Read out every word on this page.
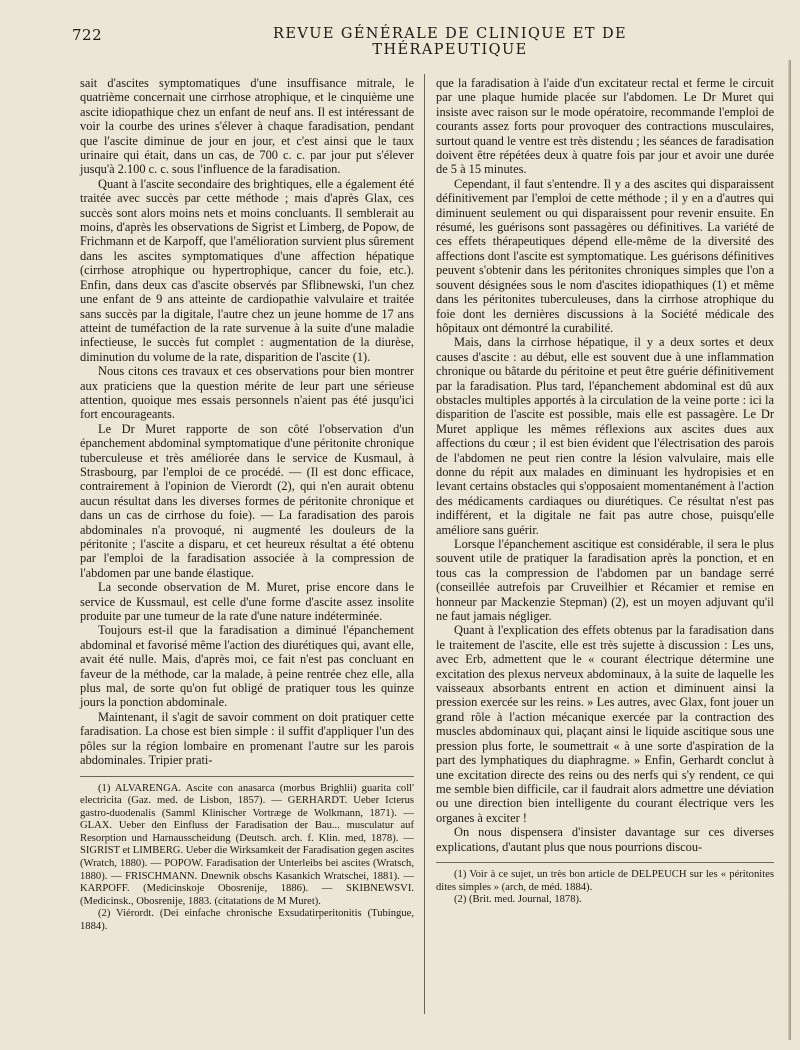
722	REVUE GÉNÉRALE DE CLINIQUE ET DE THÉRAPEUTIQUE

sait d'ascites symptomatiques d'une insuffisance mitrale, le quatrième concernait une cirrhose atrophique, et le cinquième une ascite idiopathique chez un enfant de neuf ans. Il est intéressant de voir la courbe des urines s'élever à chaque faradisation, pendant que l'ascite diminue de jour en jour, et c'est ainsi que le taux urinaire qui était, dans un cas, de 700 c. c. par jour put s'élever jusqu'à 2.100 c. c. sous l'influence de la faradisation.

Quant à l'ascite secondaire des brightiques, elle a également été traitée avec succès par cette méthode ; mais d'après Glax, ces succès sont alors moins nets et moins concluants. Il semblerait au moins, d'après les observations de Sigrist et Limberg, de Popow, de Frichmann et de Karpoff, que l'amélioration survient plus sûrement dans les ascites symptomatiques d'une affection hépatique (cirrhose atrophique ou hypertrophique, cancer du foie, etc.). Enfin, dans deux cas d'ascite observés par Sflibnewski, l'un chez une enfant de 9 ans atteinte de cardiopathie valvulaire et traitée sans succès par la digitale, l'autre chez un jeune homme de 17 ans atteint de tuméfaction de la rate survenue à la suite d'une maladie infectieuse, le succès fut complet : augmentation de la diurèse, diminution du volume de la rate, disparition de l'ascite (1).

Nous citons ces travaux et ces observations pour bien montrer aux praticiens que la question mérite de leur part une sérieuse attention, quoique mes essais personnels n'aient pas été jusqu'ici fort encourageants.

Le Dr Muret rapporte de son côté l'observation d'un épanchement abdominal symptomatique d'une péritonite chronique tuberculeuse et très améliorée dans le service de Kusmaul, à Strasbourg, par l'emploi de ce procédé. — (Il est donc efficace, contrairement à l'opinion de Vierordt (2), qui n'en aurait obtenu aucun résultat dans les diverses formes de péritonite chronique et dans un cas de cirrhose du foie). — La faradisation des parois abdominales n'a provoqué, ni augmenté les douleurs de la péritonite ; l'ascite a disparu, et cet heureux résultat a été obtenu par l'emploi de la faradisation associée à la compression de l'abdomen par une bande élastique.

La seconde observation de M. Muret, prise encore dans le service de Kussmaul, est celle d'une forme d'ascite assez insolite produite par une tumeur de la rate d'une nature indéterminée.

Toujours est-il que la faradisation a diminué l'épanchement abdominal et favorisé même l'action des diurétiques qui, avant elle, avait été nulle. Mais, d'après moi, ce fait n'est pas concluant en faveur de la méthode, car la malade, à peine rentrée chez elle, alla plus mal, de sorte qu'on fut obligé de pratiquer tous les quinze jours la ponction abdominale.

Maintenant, il s'agit de savoir comment on doit pratiquer cette faradisation. La chose est bien simple : il suffit d'appliquer l'un des pôles sur la région lombaire en promenant l'autre sur les parois abdominales. Tripier prati-

(1) ALVARENGA. Ascite con anasarca (morbus Brighlii) guarita coll' electricita (Gaz. med. de Lisbon, 1857). — GERHARDT. Ueber Icterus gastro-duodenalis (Samml Klinischer Vortræge de Wolkmann, 1871). — GLAX. Ueber den Einfluss der Faradisation der Bau... musculatur auf Resorption und Harnausscheidung (Deutsch. arch. f. Klin. med, 1878). — SIGRIST et LIMBERG. Ueber die Wirksamkeit der Faradisation gegen ascites (Wratch, 1880). — POPOW. Faradisation der Unterleibs bei ascites (Wratsch, 1880). — FRISCHMANN. Dnewnik obschs Kasankich Wratschei, 1881). — KARPOFF. (Medicinskoje Obosrenije, 1886). — SKIBNEWSVI. (Medicinsk., Obosrenije, 1883. (citatations de M Muret).

(2) Viérordt. (Dei einfache chronische Exsudatirperitonitis (Tubingue, 1884).

que la faradisation à l'aide d'un excitateur rectal et ferme le circuit par une plaque humide placée sur l'abdomen. Le Dr Muret qui insiste avec raison sur le mode opératoire, recommande l'emploi de courants assez forts pour provoquer des contractions musculaires, surtout quand le ventre est très distendu ; les séances de faradisation doivent être répétées deux à quatre fois par jour et avoir une durée de 5 à 15 minutes.

Cependant, il faut s'entendre. Il y a des ascites qui disparaissent définitivement par l'emploi de cette méthode ; il y en a d'autres qui diminuent seulement ou qui disparaissent pour revenir ensuite. En résumé, les guérisons sont passagères ou définitives. La variété de ces effets thérapeutiques dépend elle-même de la diversité des affections dont l'ascite est symptomatique. Les guérisons définitives peuvent s'obtenir dans les péritonites chroniques simples que l'on a souvent désignées sous le nom d'ascites idiopathiques (1) et même dans les péritonites tuberculeuses, dans la cirrhose atrophique du foie dont les dernières discussions à la Société médicale des hôpitaux ont démontré la curabilité.

Mais, dans la cirrhose hépatique, il y a deux sortes et deux causes d'ascite : au début, elle est souvent due à une inflammation chronique ou bâtarde du péritoine et peut être guérie définitivement par la faradisation. Plus tard, l'épanchement abdominal est dû aux obstacles multiples apportés à la circulation de la veine porte : ici la disparition de l'ascite est possible, mais elle est passagère. Le Dr Muret applique les mêmes réflexions aux ascites dues aux affections du cœur ; il est bien évident que l'électrisation des parois de l'abdomen ne peut rien contre la lésion valvulaire, mais elle donne du répit aux malades en diminuant les hydropisies et en levant certains obstacles qui s'opposaient momentanément à l'action des médicaments cardiaques ou diurétiques. Ce résultat n'est pas indifférent, et la digitale ne fait pas autre chose, puisqu'elle améliore sans guérir.

Lorsque l'épanchement ascitique est considérable, il sera le plus souvent utile de pratiquer la faradisation après la ponction, et en tous cas la compression de l'abdomen par un bandage serré (conseillée autrefois par Cruveilhier et Récamier et remise en honneur par Mackenzie Stepman) (2), est un moyen adjuvant qu'il ne faut jamais négliger.

Quant à l'explication des effets obtenus par la faradisation dans le traitement de l'ascite, elle est très sujette à discussion : Les uns, avec Erb, admettent que le « courant électrique détermine une excitation des plexus nerveux abdominaux, à la suite de laquelle les vaisseaux absorbants entrent en action et diminuent ainsi la pression exercée sur les reins. » Les autres, avec Glax, font jouer un grand rôle à l'action mécanique exercée par la contraction des muscles abdominaux qui, plaçant ainsi le liquide ascitique sous une pression plus forte, le soumettrait « à une sorte d'aspiration de la part des lymphatiques du diaphragme. » Enfin, Gerhardt conclut à une excitation directe des reins ou des nerfs qui s'y rendent, ce qui me semble bien difficile, car il faudrait alors admettre une déviation ou une direction bien intelligente du courant électrique vers les organes à exciter !

On nous dispensera d'insister davantage sur ces diverses explications, d'autant plus que nous pourrions discou-

(1) Voir à ce sujet, un très bon article de DELPEUCH sur les « péritonites dites simples » (arch, de méd. 1884).

(2) (Brit. med. Journal, 1878).
